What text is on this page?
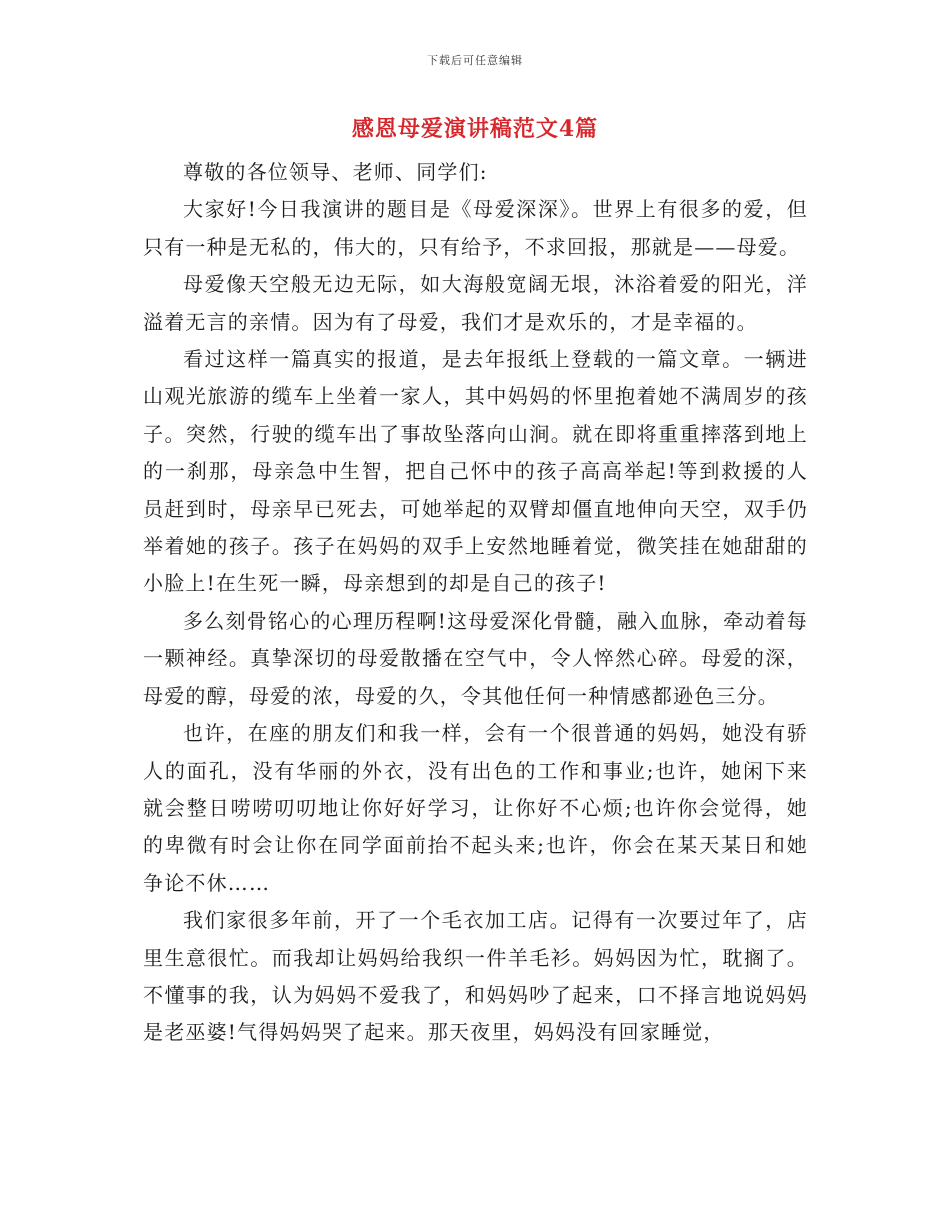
下载后可任意编辑
感恩母爱演讲稿范文4篇

尊敬的各位领导、老师、同学们:

大家好!今日我演讲的题目是《母爱深深》。世界上有很多的爱，但只有一种是无私的，伟大的，只有给予，不求回报，那就是——母爱。

母爱像天空般无边无际，如大海般宽阔无垠，沐浴着爱的阳光，洋溢着无言的亲情。因为有了母爱，我们才是欢乐的，才是幸福的。

看过这样一篇真实的报道，是去年报纸上登载的一篇文章。一辆进山观光旅游的缆车上坐着一家人，其中妈妈的怀里抱着她不满周岁的孩子。突然，行驶的缆车出了事故坠落向山涧。就在即将重重摔落到地上的一刹那，母亲急中生智，把自己怀中的孩子高高举起!等到救援的人员赶到时，母亲早已死去，可她举起的双臂却僵直地伸向天空，双手仍举着她的孩子。孩子在妈妈的双手上安然地睡着觉，微笑挂在她甜甜的小脸上!在生死一瞬，母亲想到的却是自己的孩子!

多么刻骨铭心的心理历程啊!这母爱深化骨髓，融入血脉，牵动着每一颗神经。真挚深切的母爱散播在空气中，令人悴然心碎。母爱的深，母爱的醇，母爱的浓，母爱的久，令其他任何一种情感都逊色三分。

也许，在座的朋友们和我一样，会有一个很普通的妈妈，她没有骄人的面孔，没有华丽的外衣，没有出色的工作和事业;也许，她闲下来就会整日唠唠叨叨地让你好好学习，让你好不心烦;也许你会觉得，她的卑微有时会让你在同学面前抬不起头来;也许，你会在某天某日和她争论不休……

我们家很多年前，开了一个毛衣加工店。记得有一次要过年了，店里生意很忙。而我却让妈妈给我织一件羊毛衫。妈妈因为忙，耽搁了。不懂事的我，认为妈妈不爱我了，和妈妈吵了起来，口不择言地说妈妈是老巫婆!气得妈妈哭了起来。那天夜里，妈妈没有回家睡觉，
